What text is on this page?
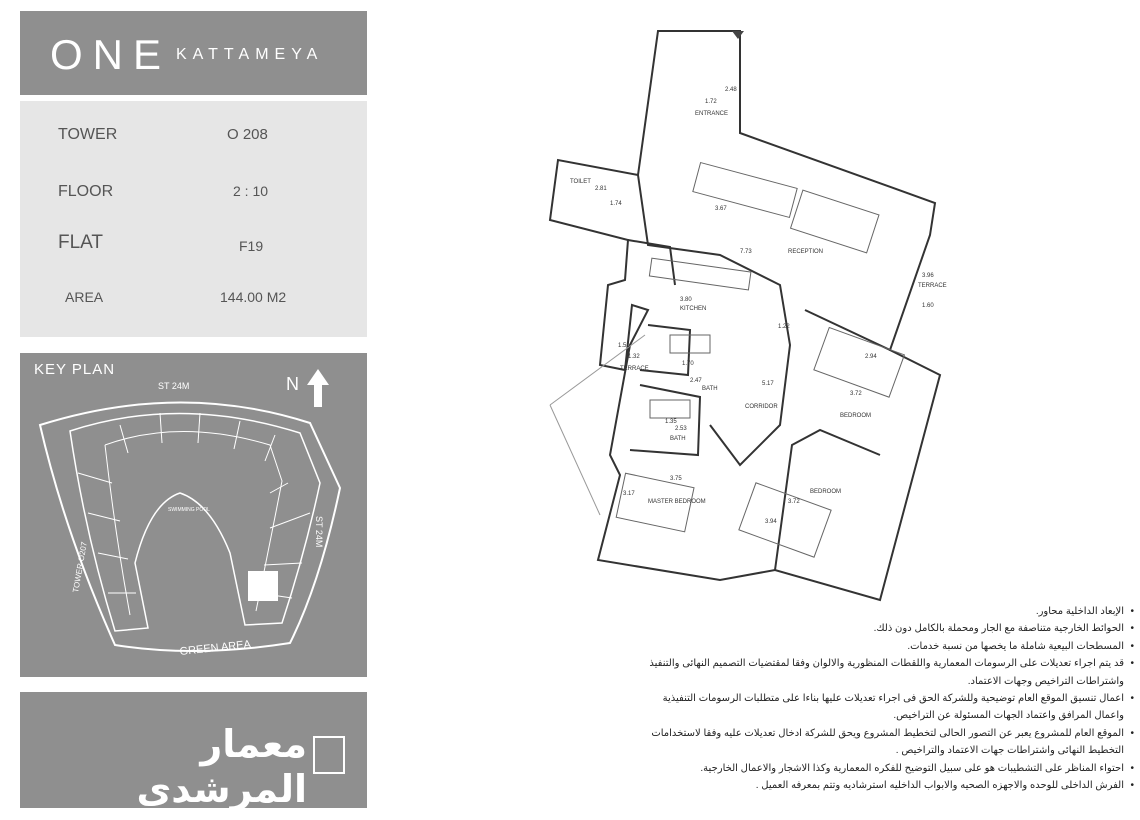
ONE KATTAMEYA
TOWER	O 208
FLOOR	2 : 10
FLAT	F19
AREA	144.00 M2
KEY PLAN
N
ST 24M
SWIMMING POOL
GREEN AREA
ST 24M
TOWER O207
معمار المرشدى
ENTRANCE
TOILET
RECEPTION
KITCHEN
TERRACE
TERRACE
BATH
BATH
CORRIDOR
BEDROOM
BEDROOM
MASTER BEDROOM
1.72
2.48
2.81
1.74
3.67
7.73
3.96
1.60
3.80
1.22
1.51
1.32
2.47
1.70
5.17
2.94
3.72
2.53
1.35
3.75
3.17
3.72
3.94
• الإبعاد الداخلية محاور.
• الحوائط الخارجية متناصفة مع الجار ومحملة بالكامل دون ذلك.
• المسطحات البيعية شاملة ما يخصها من نسبة خدمات.
• قد يتم اجراء تعديلات على الرسومات المعمارية واللقطات المنظورية والالوان وفقا لمقتضيات التصميم النهائى والتنفيذ واشتراطات التراخيص وجهات الاعتماد.
• اعمال تنسيق الموقع العام توضيحية وللشركة الحق فى اجراء تعديلات عليها بناءا على متطلبات الرسومات التنفيذية واعمال المرافق واعتماد الجهات المسئولة عن التراخيص.
• الموقع العام للمشروع يعبر عن التصور الحالى لتخطيط المشروع ويحق للشركة ادخال تعديلات عليه وفقا لاستخدامات التخطيط النهائى واشتراطات جهات الاعتماد والتراخيص .
• احتواء المناظر على التشطيبات هو على سبيل التوضيح للفكره المعمارية وكذا الاشجار والاعمال الخارجية.
• الفرش الداخلى للوحده والاجهزه الصحيه والابواب الداخليه استرشاديه وتتم بمعرفه العميل .
